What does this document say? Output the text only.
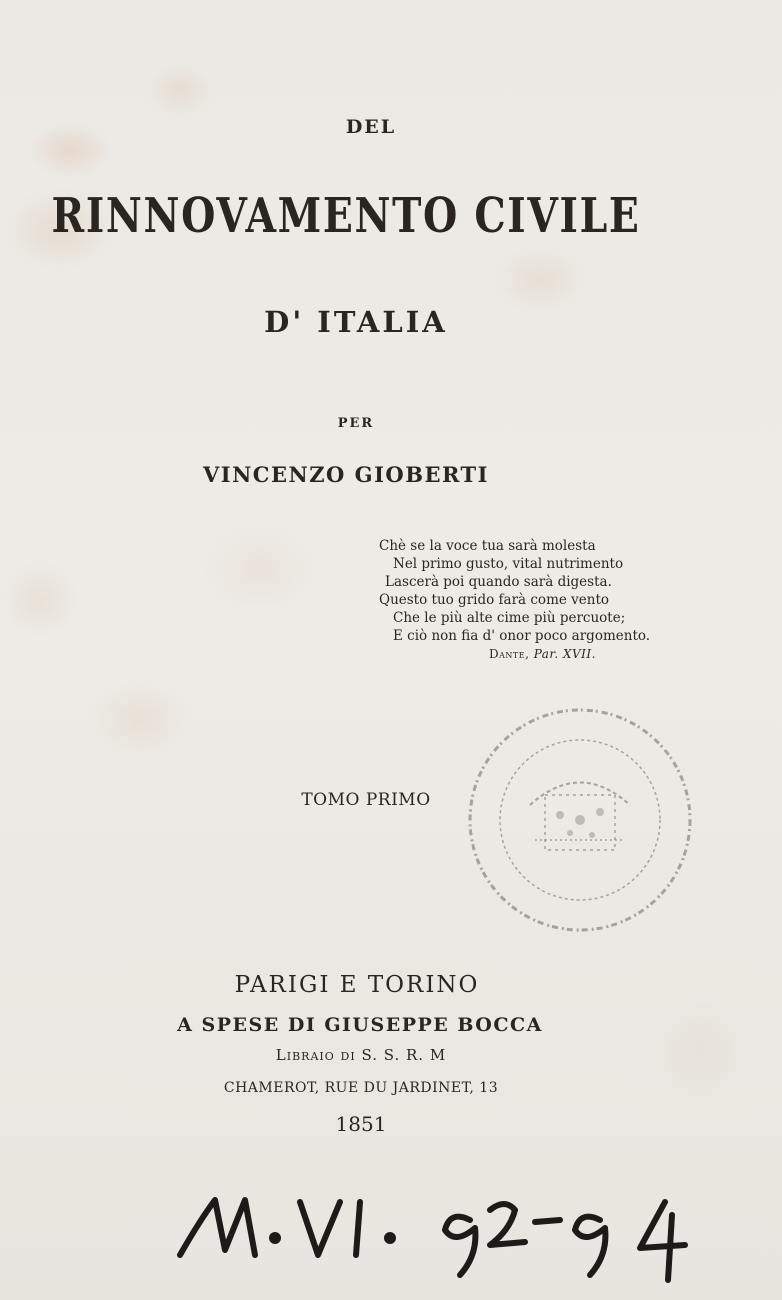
DEL
RINNOVAMENTO CIVILE
D' ITALIA
PER
VINCENZO GIOBERTI
Chè se la voce tua sarà molesta
Nel primo gusto, vital nutrimento
Lascerà poi quando sarà digesta.
Questo tuo grido farà come vento
Che le più alte cime più percuote;
E ciò non fia d' onor poco argomento.
Dante, Par. XVII.
TOMO PRIMO
PARIGI E TORINO
A SPESE DI GIUSEPPE BOCCA
Libraio di S. S. R. M
CHAMEROT, RUE DU JARDINET, 13
1851
